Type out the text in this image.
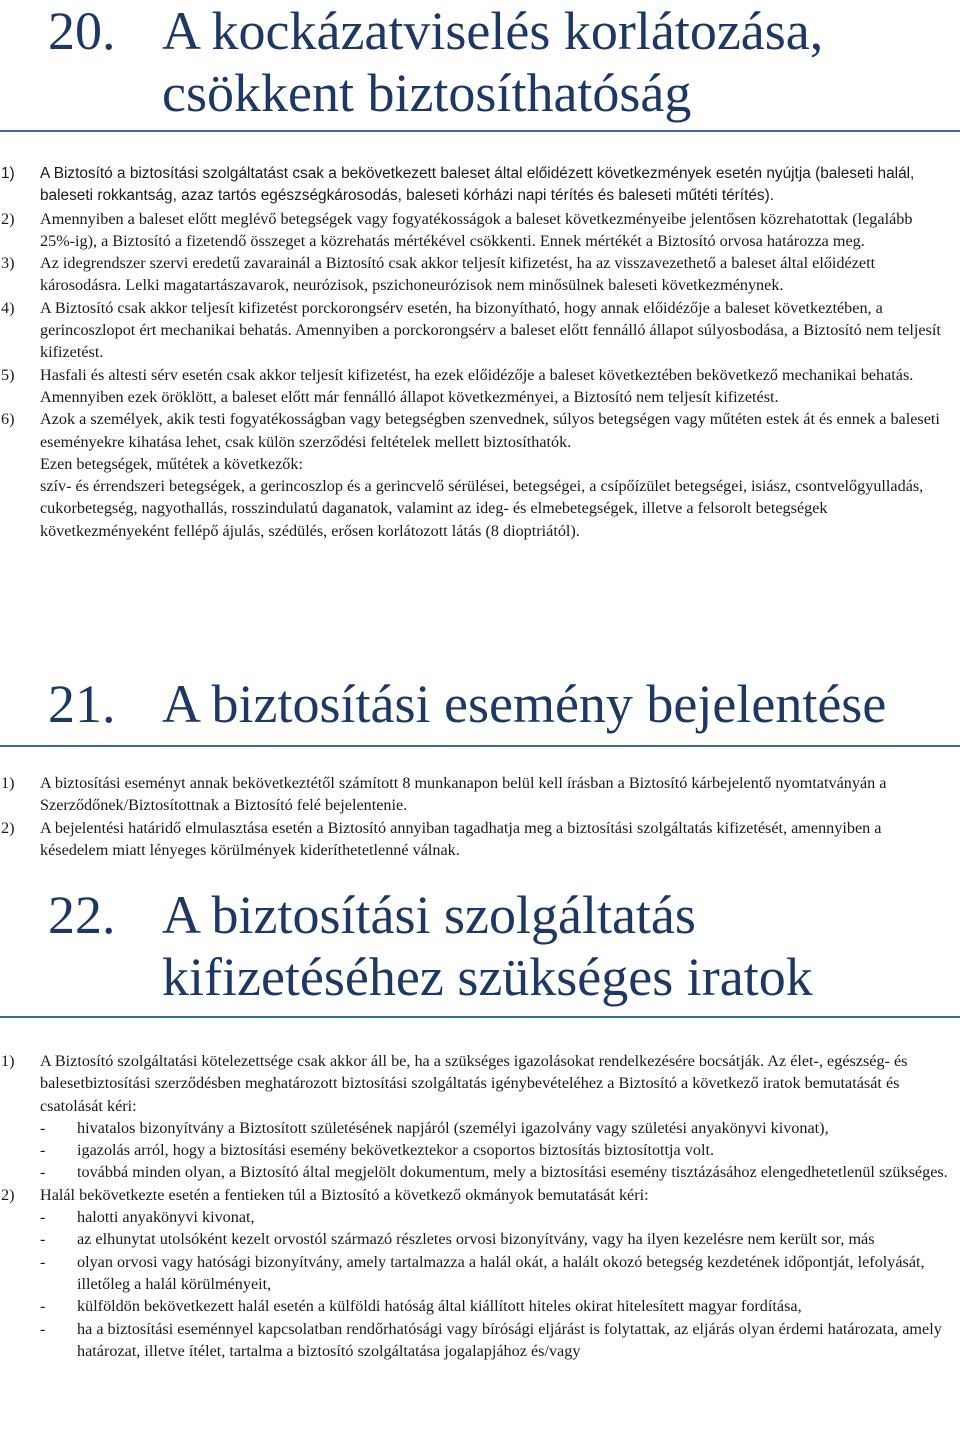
20. A kockázatviselés korlátozása,
csökkent biztosíthatóság
1) A Biztosító a biztosítási szolgáltatást csak a bekövetkezett baleset által előidézett következmények esetén nyújtja (baleseti halál, baleseti rokkantság, azaz tartós egészségkárosodás, baleseti kórházi napi térítés és baleseti műtéti térítés).
2) Amennyiben a baleset előtt meglévő betegségek vagy fogyatékosságok a baleset következményeibe jelentősen közrehatottak (legalább 25%-ig), a Biztosító a fizetendő összeget a közrehatás mértékével csökkenti. Ennek mértékét a Biztosító orvosa határozza meg.
3) Az idegrendszer szervi eredetű zavarainál a Biztosító csak akkor teljesít kifizetést, ha az visszavezethető a baleset által előidézett károsodásra. Lelki magatartászavarok, neurózisok, pszichoneurózisok nem minősülnek baleseti következménynek.
4) A Biztosító csak akkor teljesít kifizetést porckorongsérv esetén, ha bizonyítható, hogy annak előidézője a baleset következtében, a gerincoszlopot ért mechanikai behatás. Amennyiben a porckorongsérv a baleset előtt fennálló állapot súlyosbodása, a Biztosító nem teljesít kifizetést.
5) Hasfali és altesti sérv esetén csak akkor teljesít kifizetést, ha ezek előidézője a baleset következtében bekövetkező mechanikai behatás. Amennyiben ezek öröklött, a baleset előtt már fennálló állapot következményei, a Biztosító nem teljesít kifizetést.
6) Azok a személyek, akik testi fogyatékosságban vagy betegségben szenvednek, súlyos betegségen vagy műtéten estek át és ennek a baleseti eseményekre kihatása lehet, csak külön szerződési feltételek mellett biztosíthatók.

Ezen betegségek, műtétek a következők:

szív- és érrendszeri betegségek, a gerincoszlop és a gerincvelő sérülései, betegségei, a csípőízület betegségei, isiász, csontvelőgyulladás, cukorbetegség, nagyothallás, rosszindulatú daganatok, valamint az ideg- és elmebetegségek, illetve a felsorolt betegségek következményeként fellépő ájulás, szédülés, erősen korlátozott látás (8 dioptriától).

21. A biztosítási esemény bejelentése
1) A biztosítási eseményt annak bekövetkeztétől számított 8 munkanapon belül kell írásban a Biztosító kárbejelentő nyomtatványán a Szerződőnek/Biztosítottnak a Biztosító felé bejelentenie.
2) A bejelentési határidő elmulasztása esetén a Biztosító annyiban tagadhatja meg a biztosítási szolgáltatás kifizetését, amennyiben a késedelem miatt lényeges körülmények kideríthetetlenné válnak.
22. A biztosítási szolgáltatás
kifizetéséhez szükséges iratok
1) A Biztosító szolgáltatási kötelezettsége csak akkor áll be, ha a szükséges igazolásokat rendelkezésére bocsátják. Az élet-, egészség- és balesetbiztosítási szerződésben meghatározott biztosítási szolgáltatás igénybevételéhez a Biztosító a következő iratok bemutatását és csatolását kéri:
- hivatalos bizonyítvány a Biztosított születésének napjáról (személyi igazolvány vagy születési anyakönyvi kivonat),
- igazolás arról, hogy a biztosítási esemény bekövetkeztekor a csoportos biztosítás biztosítottja volt.
- továbbá minden olyan, a Biztosító által megjelölt dokumentum, mely a biztosítási esemény tisztázásához elengedhetetlenül szükséges.
2) Halál bekövetkezte esetén a fentieken túl a Biztosító a következő okmányok bemutatását kéri:
- halotti anyakönyvi kivonat,
- az elhunytat utolsóként kezelt orvostól származó részletes orvosi bizonyítvány, vagy ha ilyen kezelésre nem került sor, más
- olyan orvosi vagy hatósági bizonyítvány, amely tartalmazza a halál okát, a halált okozó betegség kezdetének időpontját, lefolyását, illetőleg a halál körülményeit,
- külföldön bekövetkezett halál esetén a külföldi hatóság által kiállított hiteles okirat hitelesített magyar fordítása,
- ha a biztosítási eseménnyel kapcsolatban rendőrhatósági vagy bírósági eljárást is folytattak, az eljárás olyan érdemi határozata, amely határozat, illetve ítélet, tartalma a biztosító szolgáltatása jogalapjához és/vagy
